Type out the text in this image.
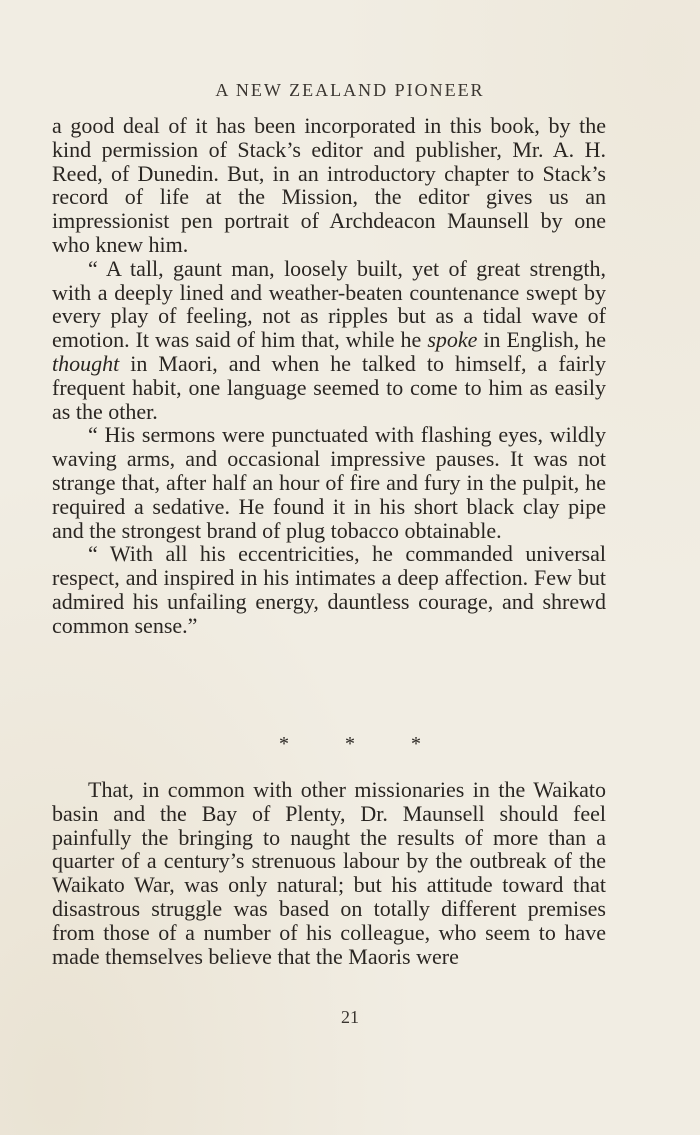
A NEW ZEALAND PIONEER

a good deal of it has been incorporated in this book, by the kind permission of Stack’s editor and publisher, Mr. A. H. Reed, of Dunedin. But, in an introductory chapter to Stack’s record of life at the Mission, the editor gives us an impressionist pen portrait of Archdeacon Maunsell by one who knew him.

“ A tall, gaunt man, loosely built, yet of great strength, with a deeply lined and weather-beaten countenance swept by every play of feeling, not as ripples but as a tidal wave of emotion. It was said of him that, while he spoke in English, he thought in Maori, and when he talked to himself, a fairly frequent habit, one language seemed to come to him as easily as the other.

“ His sermons were punctuated with flashing eyes, wildly waving arms, and occasional impressive pauses. It was not strange that, after half an hour of fire and fury in the pulpit, he required a sedative. He found it in his short black clay pipe and the strongest brand of plug tobacco obtainable.

“ With all his eccentricities, he commanded universal respect, and inspired in his intimates a deep affection. Few but admired his unfailing energy, dauntless courage, and shrewd common sense.”

*	*	*

That, in common with other missionaries in the Waikato basin and the Bay of Plenty, Dr. Maunsell should feel painfully the bringing to naught the results of more than a quarter of a century’s strenuous labour by the outbreak of the Waikato War, was only natural; but his attitude toward that disastrous struggle was based on totally different premises from those of a number of his colleague, who seem to have made themselves believe that the Maoris were

21
